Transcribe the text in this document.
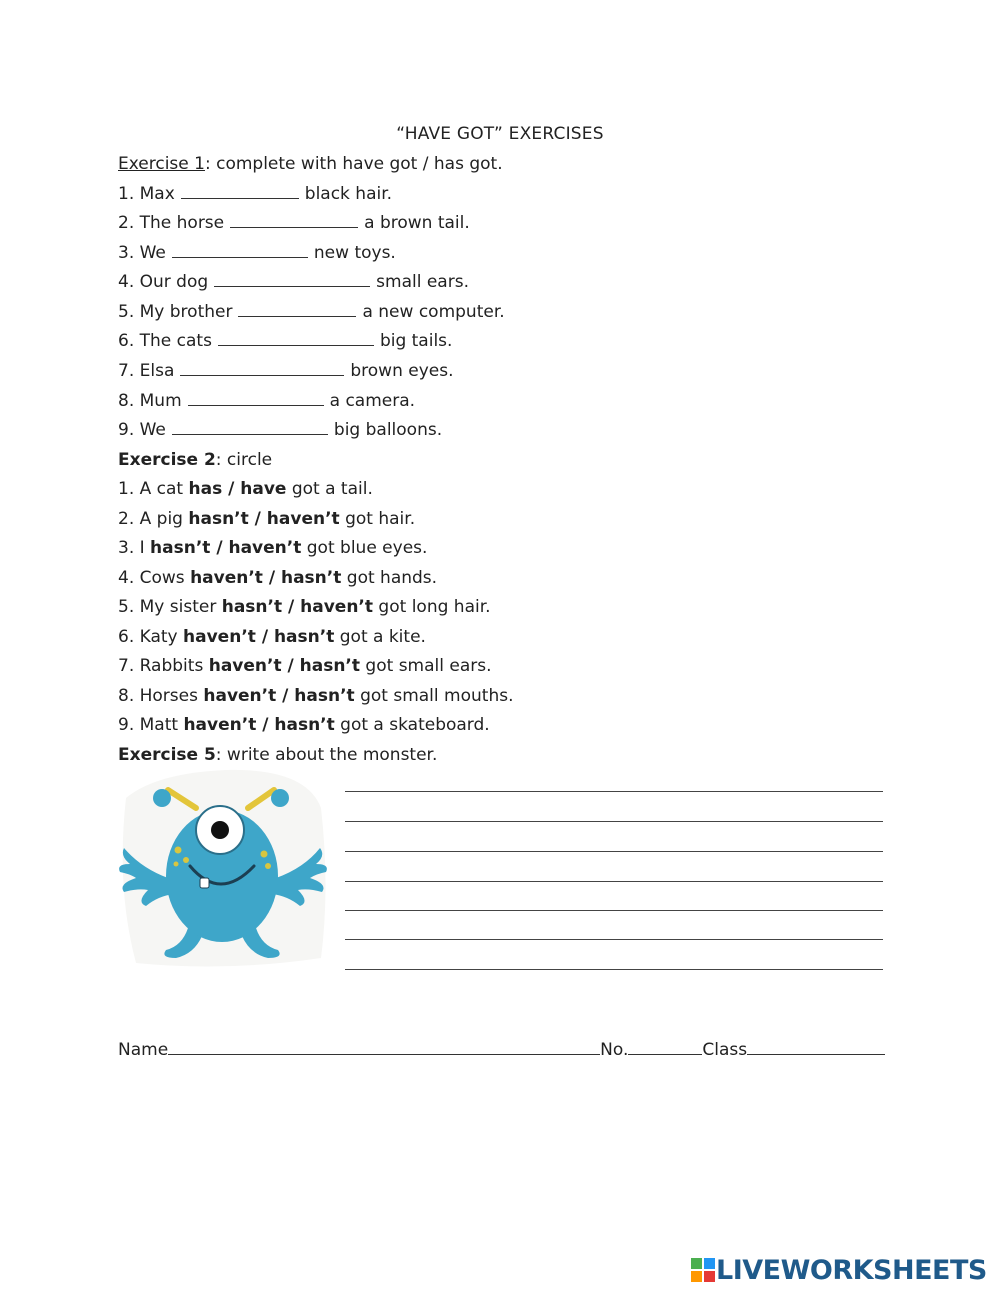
“HAVE GOT” EXERCISES
Exercise 1: complete with have got / has got.
1. Max	black hair.
2. The horse	a brown tail.
3. We	new toys.
4. Our dog	small ears.
5. My brother	a new computer.
6. The cats	big tails.
7. Elsa	brown eyes.
8. Mum	a camera.
9. We	big balloons.
Exercise 2: circle
1. A cat has / have got a tail.
2. A pig hasn’t / haven’t got hair.
3. I hasn’t / haven’t got blue eyes.
4. Cows haven’t / hasn’t got hands.
5. My sister hasn’t / haven’t got long hair.
6. Katy haven’t / hasn’t got a kite.
7. Rabbits haven’t / hasn’t got small ears.
8. Horses haven’t / hasn’t got small mouths.
9. Matt haven’t / hasn’t got a skateboard.
Exercise 5: write about the monster.
Name	No.	Class
LIVEWORKSHEETS
